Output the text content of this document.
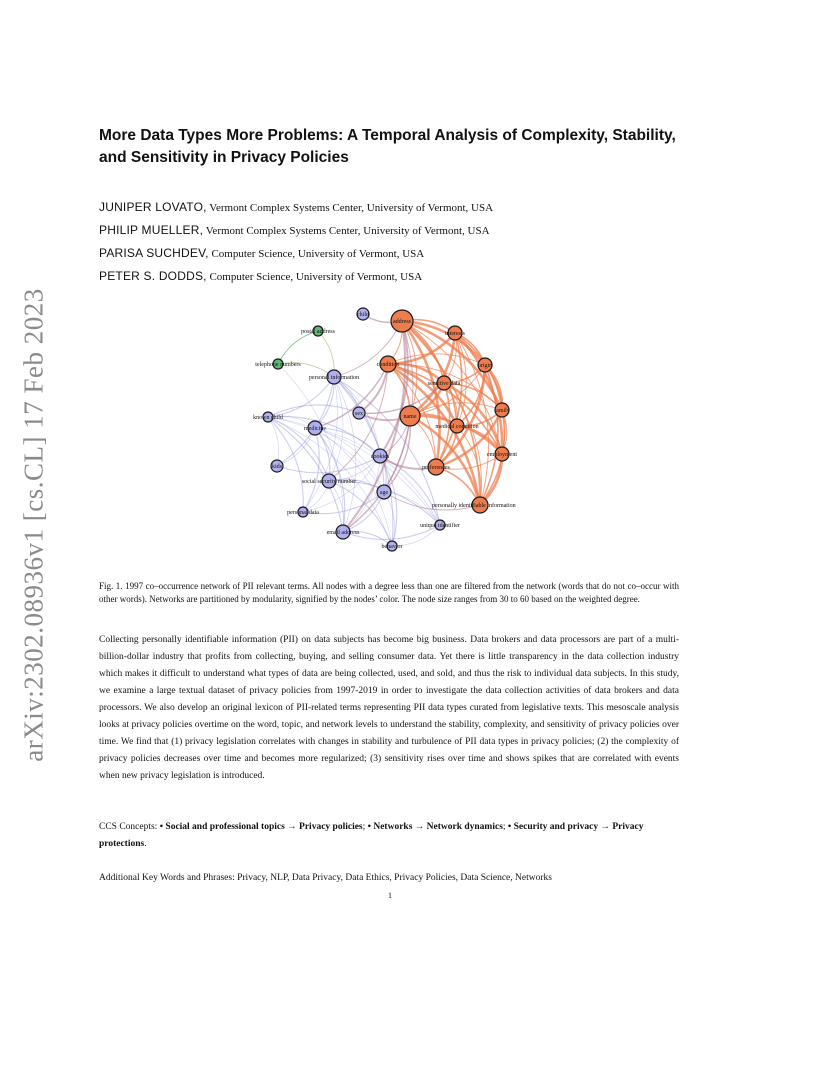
arXiv:2302.08936v1 [cs.CL] 17 Feb 2023
More Data Types More Problems: A Temporal Analysis of Complexity, Stability, and Sensitivity in Privacy Policies
JUNIPER LOVATO, Vermont Complex Systems Center, University of Vermont, USA
PHILIP MUELLER, Vermont Complex Systems Center, University of Vermont, USA
PARISA SUCHDEV, Computer Science, University of Vermont, USA
PETER S. DODDS, Computer Science, University of Vermont, USA
child
address
postal address	interests
telephone numbers	condition	origin
personal information
sensitive data
known child
sex	name
family
medicine	medical condition
cookies	employment
kids	preferences
social security number
age
personally identifiable information
personal data
unique identifier
email address
behavior

Fig. 1. 1997 co–occurrence network of PII relevant terms. All nodes with a degree less than one are filtered from the network (words that do not co–occur with other words). Networks are partitioned by modularity, signified by the nodes’ color. The node size ranges from 30 to 60 based on the weighted degree.

Collecting personally identifiable information (PII) on data subjects has become big business. Data brokers and data processors are part of a multi-billion-dollar industry that profits from collecting, buying, and selling consumer data. Yet there is little transparency in the data collection industry which makes it difficult to understand what types of data are being collected, used, and sold, and thus the risk to individual data subjects. In this study, we examine a large textual dataset of privacy policies from 1997-2019 in order to investigate the data collection activities of data brokers and data processors. We also develop an original lexicon of PII-related terms representing PII data types curated from legislative texts. This mesoscale analysis looks at privacy policies overtime on the word, topic, and network levels to understand the stability, complexity, and sensitivity of privacy policies over time. We find that (1) privacy legislation correlates with changes in stability and turbulence of PII data types in privacy policies; (2) the complexity of privacy policies decreases over time and becomes more regularized; (3) sensitivity rises over time and shows spikes that are correlated with events when new privacy legislation is introduced.

CCS Concepts: • Social and professional topics → Privacy policies; • Networks → Network dynamics; • Security and privacy → Privacy protections.

Additional Key Words and Phrases: Privacy, NLP, Data Privacy, Data Ethics, Privacy Policies, Data Science, Networks

1
